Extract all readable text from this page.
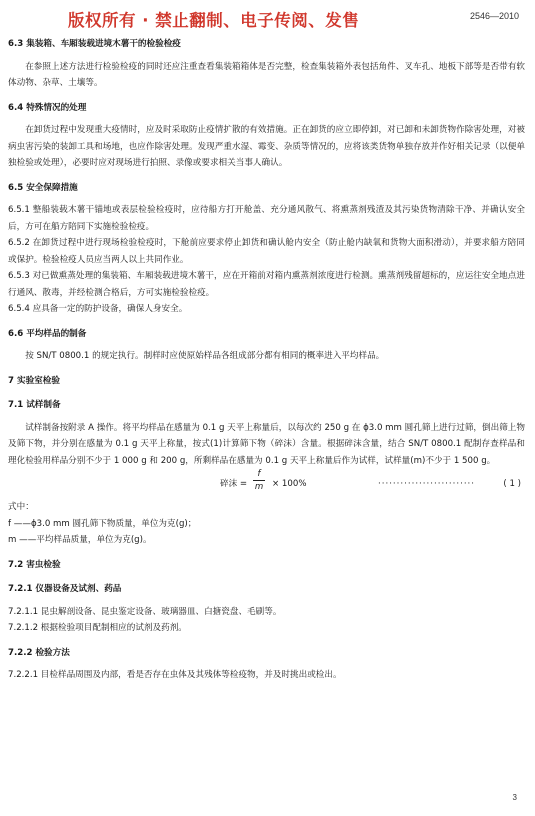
版权所有 · 禁止翻制、电子传阅、发售	2546—2010

6.3 集装箱、车厢装载进境木薯干的检验检疫

在参照上述方法进行检验检疫的同时还应注重查看集装箱箱体是否完整，检查集装箱外表包括角件、叉车孔、地板下部等是否带有软体动物、杂草、土壤等。

6.4 特殊情况的处理

在卸货过程中发现重大疫情时，应及时采取防止疫情扩散的有效措施。正在卸货的应立即停卸，对已卸和未卸货物作除害处理，对被病虫害污染的装卸工具和场地，也应作除害处理。发现严重水湿、霉变、杂质等情况的，应将该类货物单独存放并作好相关记录（以便单独检验或处理），必要时应对现场进行拍照、录像或要求相关当事人确认。

6.5 安全保障措施

6.5.1 整船装载木薯干锚地或表层检验检疫时，应待船方打开舱盖、充分通风散气、将熏蒸剂残渣及其污染货物清除干净、并确认安全后，方可在船方陪同下实施检验检疫。

6.5.2 在卸货过程中进行现场检验检疫时，下舱前应要求停止卸货和确认舱内安全（防止舱内缺氧和货物大面积滑动），并要求船方陪同或保护。检验检疫人员应当两人以上共同作业。

6.5.3 对已做熏蒸处理的集装箱、车厢装载进境木薯干，应在开箱前对箱内熏蒸剂浓度进行检测。熏蒸剂残留超标的，应运往安全地点进行通风、散毒，并经检测合格后，方可实施检验检疫。

6.5.4 应具备一定的防护设备，确保人身安全。

6.6 平均样品的制备

按 SN/T 0800.1 的规定执行。制样时应使原始样品各组成部分都有相同的概率进入平均样品。

7 实验室检验

7.1 试样制备

试样制备按附录 A 操作。将平均样品在感量为 0.1 g 天平上称量后，以每次约 250 g 在 ϕ3.0 mm 圆孔筛上进行过筛，倒出筛上物及筛下物，并分别在感量为 0.1 g 天平上称量，按式(1)计算筛下物（碎沫）含量。根据碎沫含量，结合 SN/T 0800.1 配制存查样品和理化检验用样品分别不少于 1 000 g 和 200 g，所剩样品在感量为 0.1 g 天平上称量后作为试样，试样量(m)不少于 1 500 g。

碎沫 =
f
m	× 100%	··························	( 1 )

式中：

f ——ϕ3.0 mm 圆孔筛下物质量，单位为克(g)；

m ——平均样品质量，单位为克(g)。

7.2 害虫检验

7.2.1 仪器设备及试剂、药品

7.2.1.1 昆虫解剖设备、昆虫鉴定设备、玻璃器皿、白搪瓷盘、毛刷等。

7.2.1.2 根据检验项目配制相应的试剂及药剂。

7.2.2 检验方法

7.2.2.1 目检样品周围及内部，看是否存在虫体及其残体等检疫物，并及时挑出或检出。

3
